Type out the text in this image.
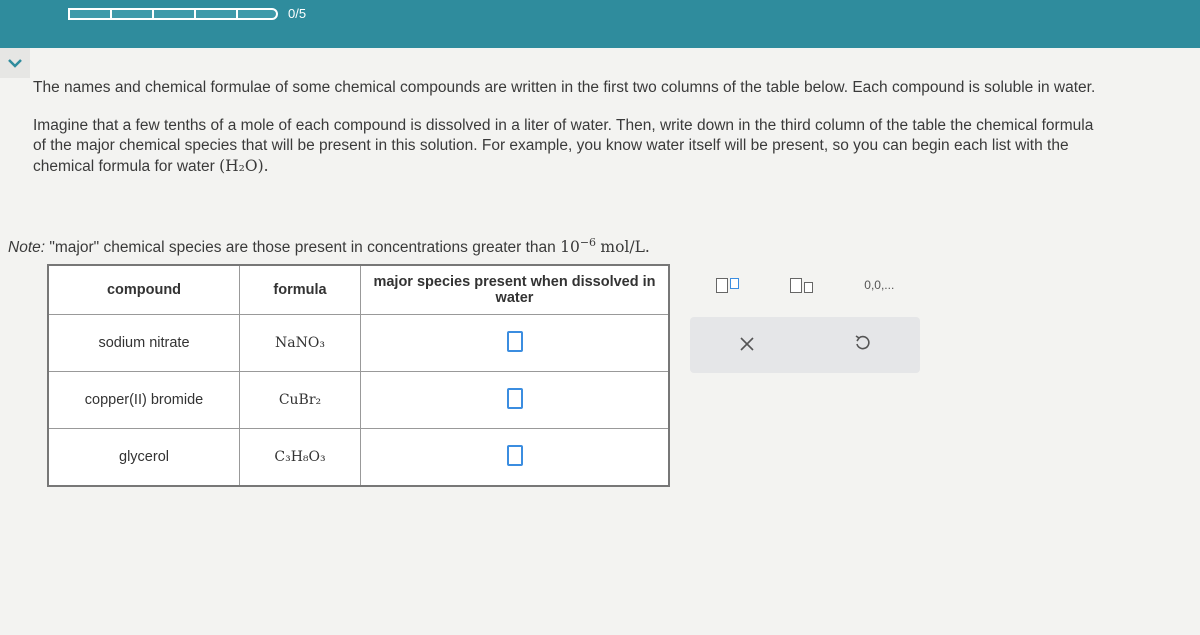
0/5

The names and chemical formulae of some chemical compounds are written in the first two columns of the table below. Each compound is soluble in water.

Imagine that a few tenths of a mole of each compound is dissolved in a liter of water. Then, write down in the third column of the table the chemical formula of the major chemical species that will be present in this solution. For example, you know water itself will be present, so you can begin each list with the chemical formula for water (H₂O).

Note: "major" chemical species are those present in concentrations greater than $10^{-6}$ mol/L.
compound	formula	major species present when dissolved in water
sodium nitrate	NaNO₃	
copper(II) bromide	CuBr₂	
glycerol	C₃H₈O₃	
0,0,...
